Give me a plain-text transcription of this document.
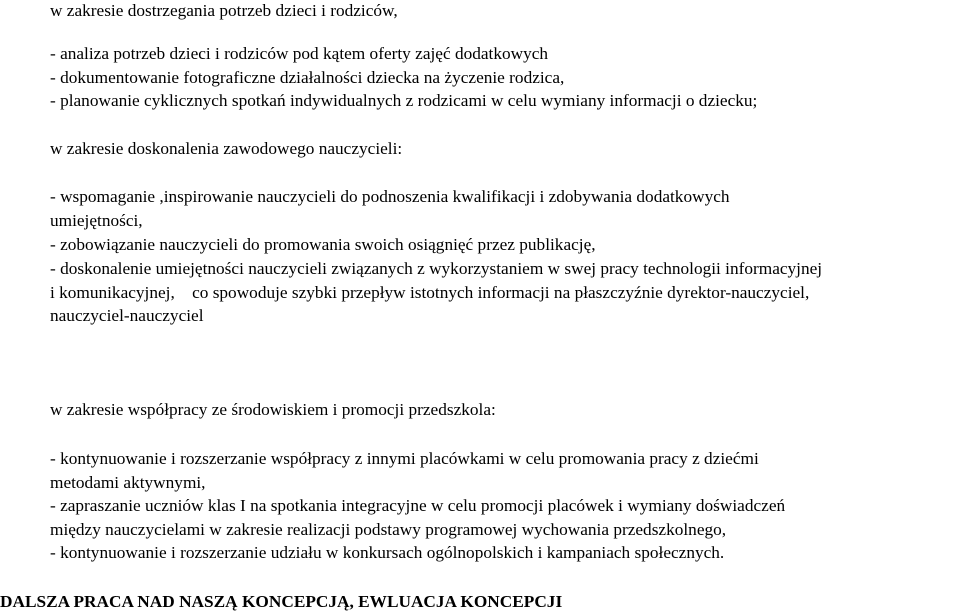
w zakresie dostrzegania potrzeb dzieci i rodziców,
- analiza potrzeb dzieci i rodziców pod kątem oferty zajęć dodatkowych
- dokumentowanie fotograficzne działalności dziecka na życzenie rodzica,
- planowanie cyklicznych spotkań indywidualnych z rodzicami w celu wymiany informacji o dziecku;
w zakresie doskonalenia zawodowego nauczycieli:
- wspomaganie ,inspirowanie nauczycieli do podnoszenia kwalifikacji i zdobywania dodatkowych
umiejętności,
- zobowiązanie nauczycieli do promowania swoich osiągnięć przez publikację,
- doskonalenie umiejętności nauczycieli związanych z wykorzystaniem w swej pracy technologii informacyjnej
i komunikacyjnej,    co spowoduje szybki przepływ istotnych informacji na płaszczyźnie dyrektor-nauczyciel,
nauczyciel-nauczyciel
w zakresie współpracy ze środowiskiem i promocji przedszkola:
- kontynuowanie i rozszerzanie współpracy z innymi placówkami w celu promowania pracy z dziećmi
metodami aktywnymi,
- zapraszanie uczniów klas I na spotkania integracyjne w celu promocji placówek i wymiany doświadczeń
między nauczycielami w zakresie realizacji podstawy programowej wychowania przedszkolnego,
- kontynuowanie i rozszerzanie udziału w konkursach ogólnopolskich i kampaniach społecznych.
DALSZA PRACA NAD NASZĄ KONCEPCJĄ, EWLUACJA KONCEPCJI
